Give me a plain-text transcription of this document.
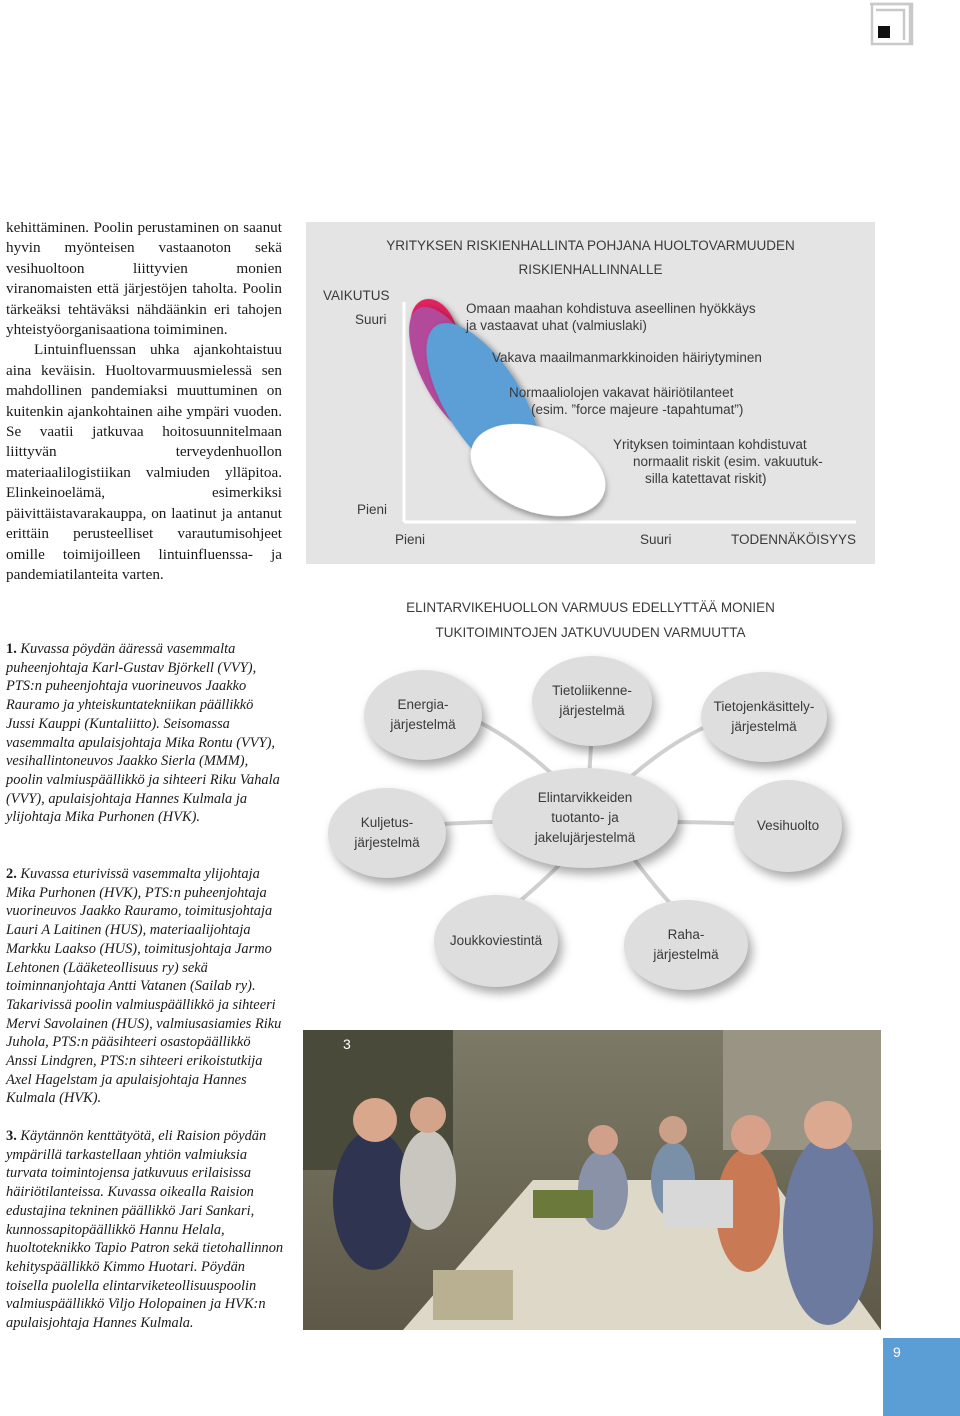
kehittäminen. Poolin perustaminen on saanut hyvin myönteisen vastaanoton sekä vesihuoltoon liittyvien monien viranomaisten että järjestöjen taholta. Poolin tärkeäksi tehtäväksi nähdäänkin eri tahojen yhteistyöorganisaationa toimiminen.

Lintuinfluenssan uhka ajankohtaistuu aina keväisin. Huoltovarmuusmielessä sen mahdollinen pandemiaksi muuttuminen on kuitenkin ajankohtainen aihe ympäri vuoden. Se vaatii jatkuvaa hoitosuunnitelmaan liittyvän terveydenhuollon materiaalilogistiikan valmiuden ylläpitoa. Elinkeinoelämä, esimerkiksi päivittäistavarakauppa, on laatinut ja antanut erittäin perusteelliset varautumisohjeet omille toimijoilleen lintuinfluenssa- ja pandemiatilanteita varten.

1. Kuvassa pöydän ääressä vasemmalta puheenjohtaja Karl-Gustav Björkell (VVY), PTS:n puheenjohtaja vuorineuvos Jaakko Rauramo ja yhteiskuntatekniikan päällikkö Jussi Kauppi (Kuntaliitto). Seisomassa vasemmalta apulaisjohtaja Mika Rontu (VVY), vesihallintoneuvos Jaakko Sierla (MMM), poolin valmiuspäällikkö ja sihteeri Riku Vahala (VVY), apulaisjohtaja Hannes Kulmala ja ylijohtaja Mika Purhonen (HVK).

2. Kuvassa eturivissä vasemmalta ylijohtaja Mika Purhonen (HVK), PTS:n puheenjohtaja vuorineuvos Jaakko Rauramo, toimitusjohtaja Lauri A Laitinen (HUS), materiaalijohtaja Markku Laakso (HUS), toimitusjohtaja Jarmo Lehtonen (Lääketeollisuus ry) sekä toiminnanjohtaja Antti Vatanen (Sailab ry). Takarivissä poolin valmiuspäällikkö ja sihteeri Mervi Savolainen (HUS), valmiusasiamies Riku Juhola, PTS:n pääsihteeri osastopäällikkö Anssi Lindgren, PTS:n sihteeri erikoistutkija Axel Hagelstam ja apulaisjohtaja Hannes Kulmala (HVK).

3. Käytännön kenttätyötä, eli Raision pöydän ympärillä tarkastellaan yhtiön valmiuksia turvata toimintojensa jatkuvuus erilaisissa häiriötilanteissa. Kuvassa oikealla Raision edustajina tekninen päällikkö Jari Sankari, kunnossapitopäällikkö Hannu Helala, huoltoteknikko Tapio Patron sekä tietohallinnon kehityspäällikkö Kimmo Huotari. Pöydän toisella puolella elintarviketeollisuuspoolin valmiuspäällikkö Viljo Holopainen ja HVK:n apulaisjohtaja Hannes Kulmala.

YRITYKSEN RISKIENHALLINTA POHJANA HUOLTOVARMUUDEN
RISKIENHALLINNALLE
VAIKUTUS
Suuri
Pieni
Pieni	Suuri	TODENNÄKÖISYYS
Omaan maahan kohdistuva aseellinen hyökkäys
ja vastaavat uhat (valmiuslaki)
Vakava maailmanmarkkinoiden häiriytyminen
Normaaliolojen vakavat häiriötilanteet
(esim. ”force majeure -tapahtumat”)
Yrityksen toimintaan kohdistuvat
normaalit riskit (esim. vakuutuk-
silla katettavat riskit)
ELINTARVIKEHUOLLON VARMUUS EDELLYTTÄÄ MONIEN
TUKITOIMINTOJEN JATKUVUUDEN VARMUUTTA
Energia-
järjestelmä
Tietoliikenne-
järjestelmä	Tietojenkäsittely-
järjestelmä
Elintarvikkeiden
tuotanto- ja
jakelujärjestelmä
Kuljetus-
järjestelmä
Vesihuolto
Joukkoviestintä	Raha-
järjestelmä
3
9
